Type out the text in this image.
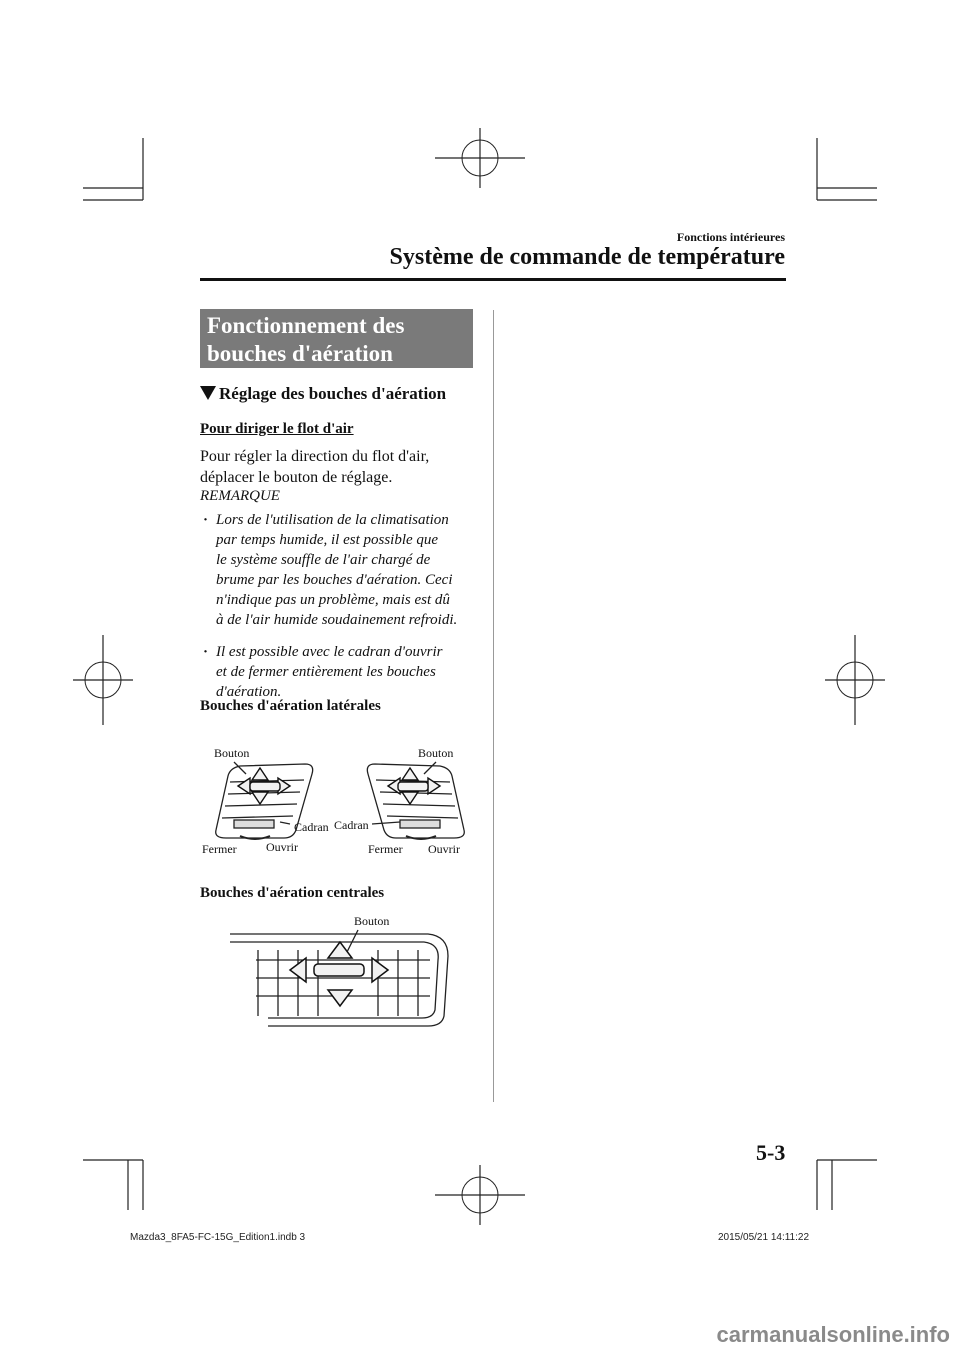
Fonctions intérieures
Système de commande de température
Fonctionnement des
bouches d'aération
Réglage des bouches d'aération
Pour diriger le flot d'air
Pour régler la direction du flot d'air,
déplacer le bouton de réglage.
REMARQUE
· Lors de l'utilisation de la climatisation
par temps humide, il est possible que
le système souffle de l'air chargé de
brume par les bouches d'aération. Ceci
n'indique pas un problème, mais est dû
à de l'air humide soudainement refroidi.
· Il est possible avec le cadran d'ouvrir
et de fermer entièrement les bouches
d'aération.
Bouches d'aération latérales
Bouton	Bouton
Cadran Cadran
Fermer Ouvrir	Fermer Ouvrir
Bouches d'aération centrales
Bouton
5-3
Mazda3_8FA5-FC-15G_Edition1.indb 3	2015/05/21 14:11:22
carmanualsonline.info
